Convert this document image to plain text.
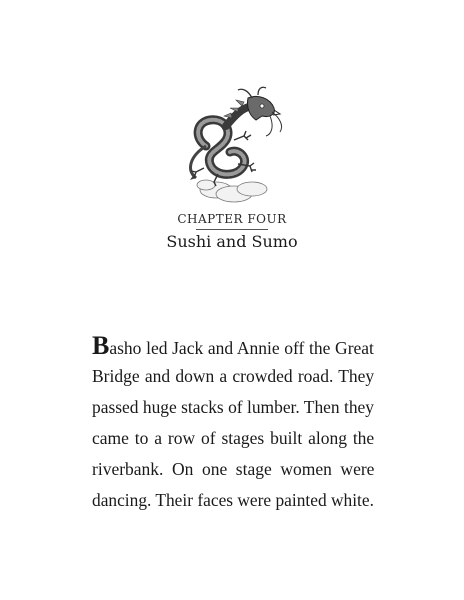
CHAPTER FOUR
Sushi and Sumo
Basho led Jack and Annie off the Great
Bridge and down a crowded road. They
passed huge stacks of lumber. Then they
came to a row of stages built along the
riverbank. On one stage women were
dancing. Their faces were painted white.
